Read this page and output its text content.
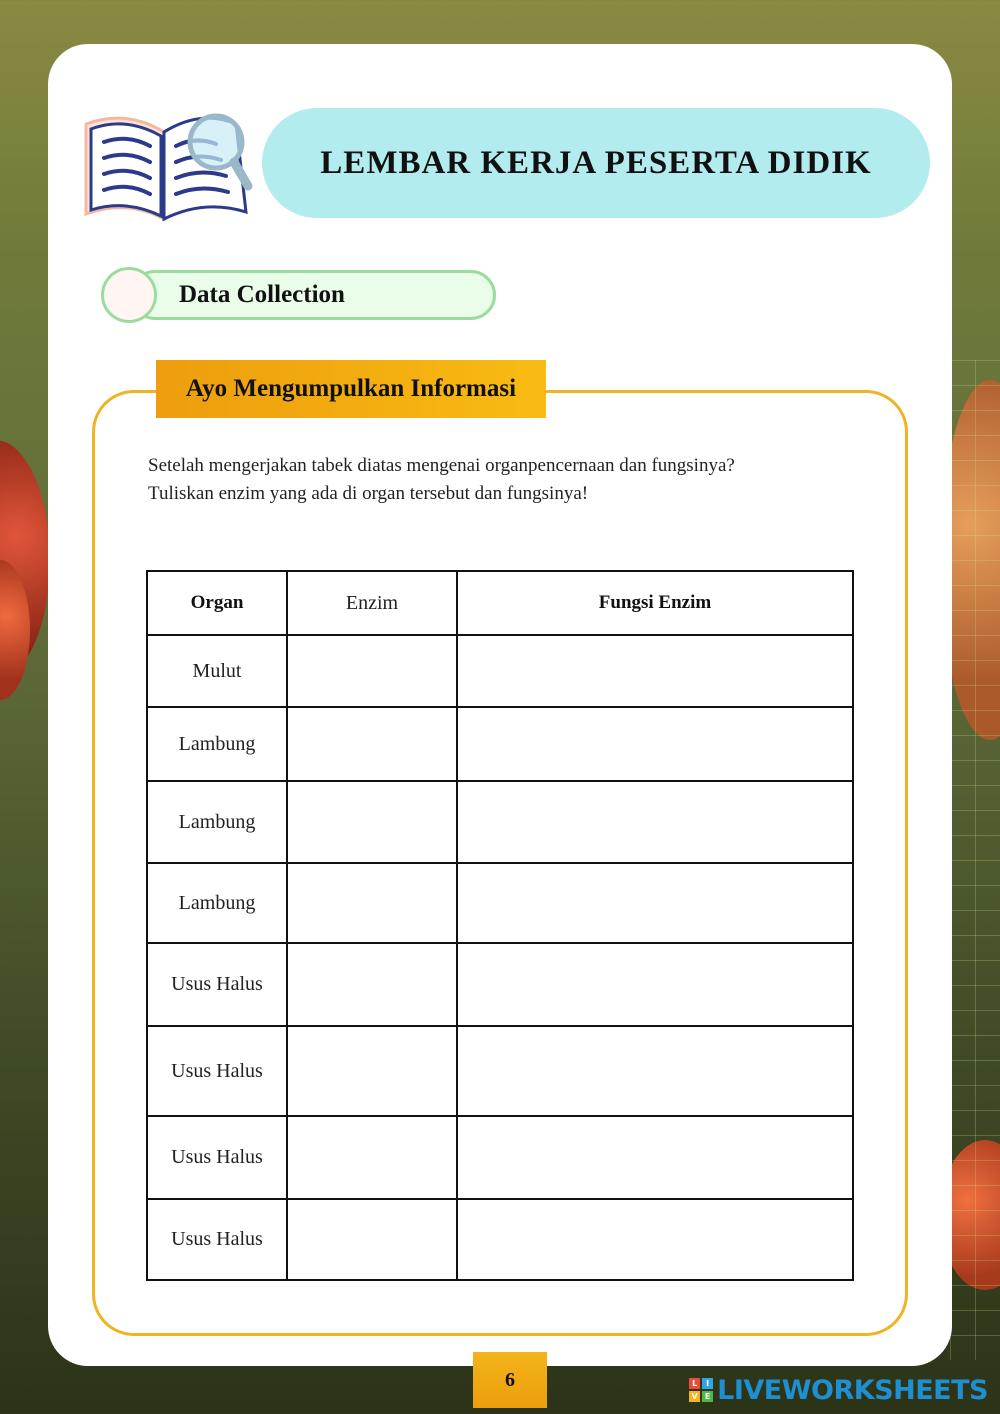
LEMBAR KERJA PESERTA DIDIK
Data Collection
Ayo Mengumpulkan Informasi

Setelah mengerjakan tabek diatas mengenai organpencernaan dan fungsinya?

Tuliskan enzim yang ada di organ tersebut dan fungsinya!

Organ	Enzim	Fungsi Enzim
Mulut		
Lambung		
Lambung		
Lambung		
Usus Halus		
Usus Halus		
Usus Halus		
Usus Halus		
6	L	I
V E LIVEWORKSHEETS
